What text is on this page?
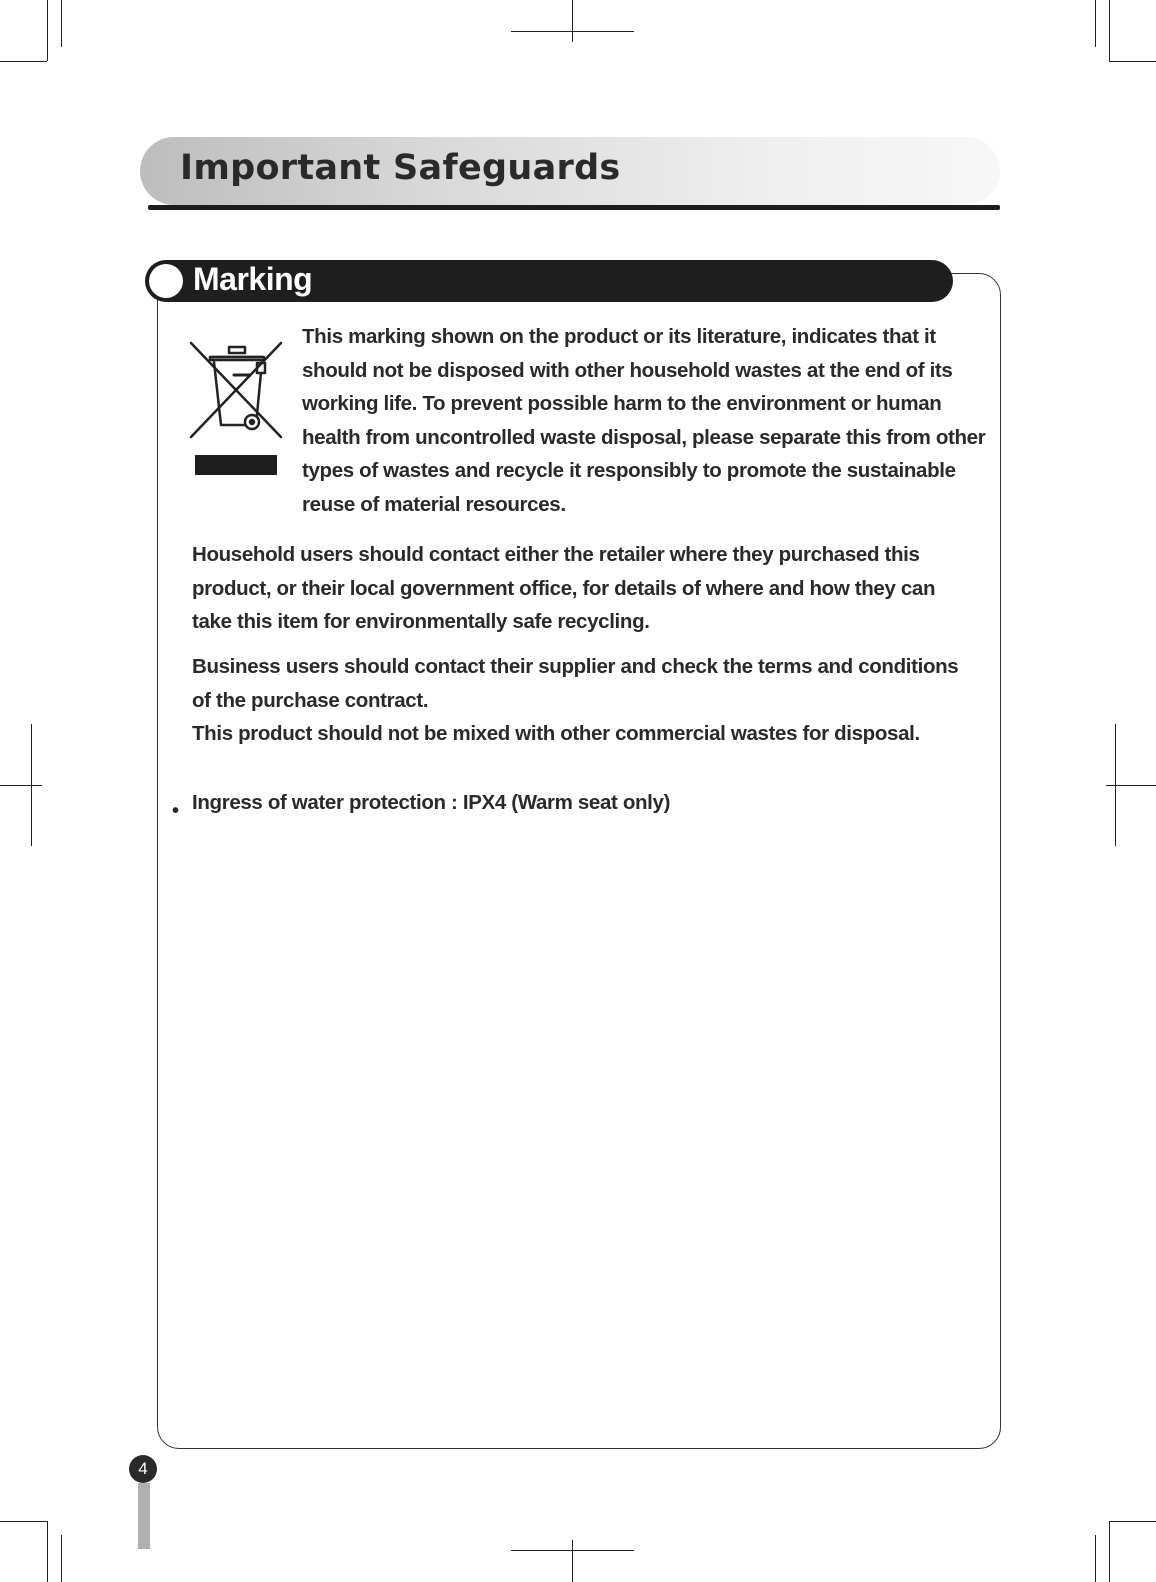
Important Safeguards
Marking
This marking shown on the product or its literature, indicates that it
should not be disposed with other household wastes at the end of its
working life. To prevent possible harm to the environment or human
health from uncontrolled waste disposal, please separate this from other
types of wastes and recycle it responsibly to promote the sustainable
reuse of material resources.
Household users should contact either the retailer where they purchased this
product, or their local government office, for details of where and how they can
take this item for environmentally safe recycling.
Business users should contact their supplier and check the terms and conditions
of the purchase contract.
This product should not be mixed with other commercial wastes for disposal.
• Ingress of water protection : IPX4 (Warm seat only)
4
